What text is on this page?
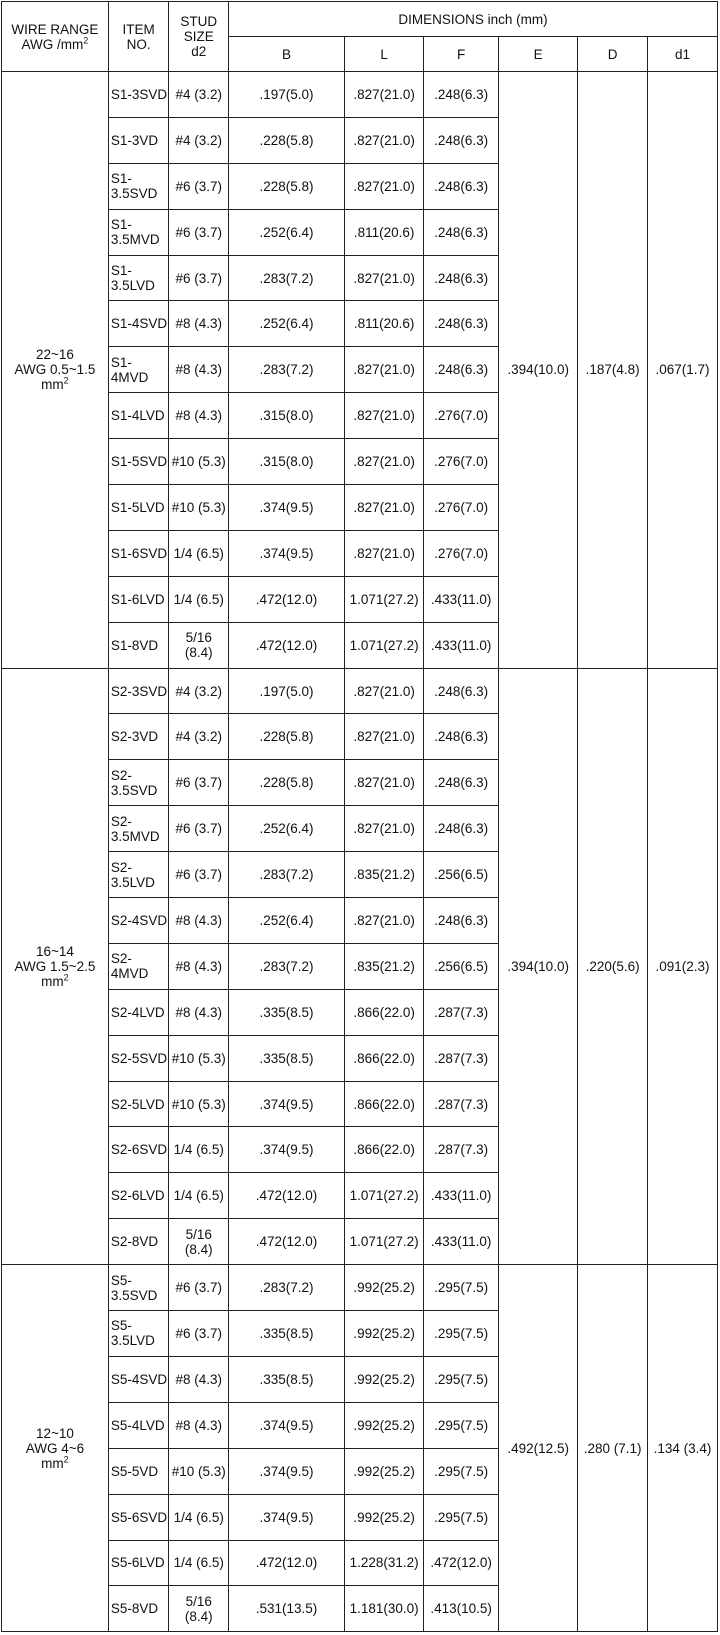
WIRE RANGE
AWG $/mm^2$	ITEM NO.	STUD SIZE
d2	DIMENSIONS inch (mm)					
			B	L	F	E	D	d1

22~16
AWG 0.5~1.5
$mm^2$	S1-3SVD	#4 (3.2)	.197(5.0)	.827(21.0)	.248(6.3)	.394(10.0)	.187(4.8)	.067(1.7)
	S1-3VD	#4 (3.2)	.228(5.8)	.827(21.0)	.248(6.3)			
	S1-3.5SVD	#6 (3.7)	.228(5.8)	.827(21.0)	.248(6.3)			
	S1-3.5MVD	#6 (3.7)	.252(6.4)	.811(20.6)	.248(6.3)			
	S1-3.5LVD	#6 (3.7)	.283(7.2)	.827(21.0)	.248(6.3)			
	S1-4SVD	#8 (4.3)	.252(6.4)	.811(20.6)	.248(6.3)			
	S1-4MVD	#8 (4.3)	.283(7.2)	.827(21.0)	.248(6.3)			
	S1-4LVD	#8 (4.3)	.315(8.0)	.827(21.0)	.276(7.0)			
	S1-5SVD	#10 (5.3)	.315(8.0)	.827(21.0)	.276(7.0)			
	S1-5LVD	#10 (5.3)	.374(9.5)	.827(21.0)	.276(7.0)			
	S1-6SVD	1/4 (6.5)	.374(9.5)	.827(21.0)	.276(7.0)			
	S1-6LVD	1/4 (6.5)	.472(12.0)	1.071(27.2)	.433(11.0)			
	S1-8VD	5/16 (8.4)	.472(12.0)	1.071(27.2)	.433(11.0)			

16~14
AWG 1.5~2.5
$mm^2$	S2-3SVD	#4 (3.2)	.197(5.0)	.827(21.0)	.248(6.3)	.394(10.0)	.220(5.6)	.091(2.3)
	S2-3VD	#4 (3.2)	.228(5.8)	.827(21.0)	.248(6.3)			
	S2-3.5SVD	#6 (3.7)	.228(5.8)	.827(21.0)	.248(6.3)			
	S2-3.5MVD	#6 (3.7)	.252(6.4)	.827(21.0)	.248(6.3)			
	S2-3.5LVD	#6 (3.7)	.283(7.2)	.835(21.2)	.256(6.5)			
	S2-4SVD	#8 (4.3)	.252(6.4)	.827(21.0)	.248(6.3)			
	S2-4MVD	#8 (4.3)	.283(7.2)	.835(21.2)	.256(6.5)			
	S2-4LVD	#8 (4.3)	.335(8.5)	.866(22.0)	.287(7.3)			
	S2-5SVD	#10 (5.3)	.335(8.5)	.866(22.0)	.287(7.3)			
	S2-5LVD	#10 (5.3)	.374(9.5)	.866(22.0)	.287(7.3)			
	S2-6SVD	1/4 (6.5)	.374(9.5)	.866(22.0)	.287(7.3)			
	S2-6LVD	1/4 (6.5)	.472(12.0)	1.071(27.2)	.433(11.0)			
	S2-8VD	5/16 (8.4)	.472(12.0)	1.071(27.2)	.433(11.0)			

12~10
AWG 4~6
$mm^2$	S5-3.5SVD	#6 (3.7)	.283(7.2)	.992(25.2)	.295(7.5)	.492(12.5)	.280 (7.1)	.134 (3.4)
	S5-3.5LVD	#6 (3.7)	.335(8.5)	.992(25.2)	.295(7.5)			
	S5-4SVD	#8 (4.3)	.335(8.5)	.992(25.2)	.295(7.5)			
	S5-4LVD	#8 (4.3)	.374(9.5)	.992(25.2)	.295(7.5)			
	S5-5VD	#10 (5.3)	.374(9.5)	.992(25.2)	.295(7.5)			
	S5-6SVD	1/4 (6.5)	.374(9.5)	.992(25.2)	.295(7.5)			
	S5-6LVD	1/4 (6.5)	.472(12.0)	1.228(31.2)	.472(12.0)			
	S5-8VD	5/16 (8.4)	.531(13.5)	1.181(30.0)	.413(10.5)			
